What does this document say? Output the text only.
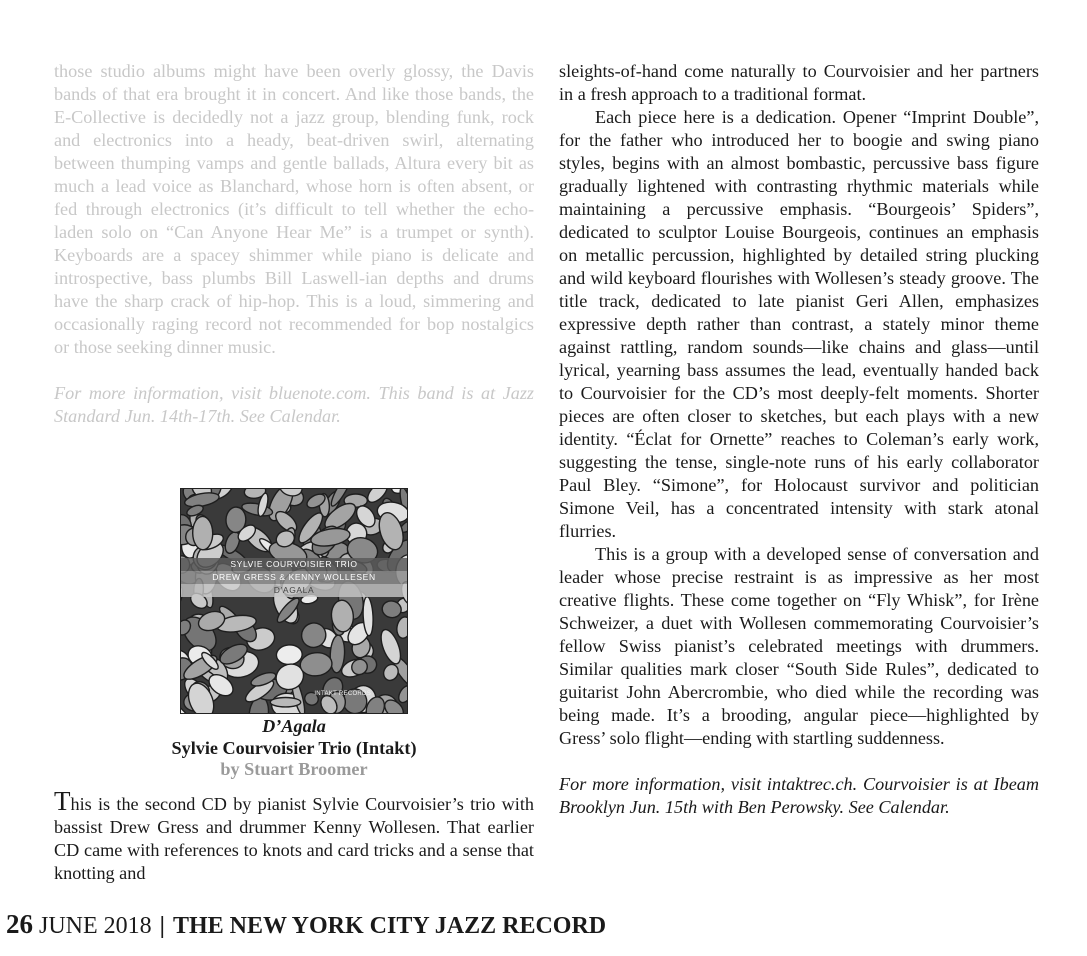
those studio albums might have been overly glossy, the Davis bands of that era brought it in concert. And like those bands, the E-Collective is decidedly not a jazz group, blending funk, rock and electronics into a heady, beat-driven swirl, alternating between thumping vamps and gentle ballads, Altura every bit as much a lead voice as Blanchard, whose horn is often absent, or fed through electronics (it’s difficult to tell whether the echo-laden solo on “Can Anyone Hear Me” is a trumpet or synth). Keyboards are a spacey shimmer while piano is delicate and introspective, bass plumbs Bill Laswell-ian depths and drums have the sharp crack of hip-hop. This is a loud, simmering and occasionally raging record not recommended for bop nostalgics or those seeking dinner music.

For more information, visit bluenote.com. This band is at Jazz Standard Jun. 14th-17th. See Calendar.

SYLVIE COURVOISIER TRIO
DREW GRESS & KENNY WOLLESEN
D’AGALA
INTAKT RECORDS
D’Agala
Sylvie Courvoisier Trio (Intakt)
by Stuart Broomer
This is the second CD by pianist Sylvie Courvoisier’s trio with bassist Drew Gress and drummer Kenny Wollesen. That earlier CD came with references to knots and card tricks and a sense that knotting and

sleights-of-hand come naturally to Courvoisier and her partners in a fresh approach to a traditional format.

Each piece here is a dedication. Opener “Imprint Double”, for the father who introduced her to boogie and swing piano styles, begins with an almost bombastic, percussive bass figure gradually lightened with contrasting rhythmic materials while maintaining a percussive emphasis. “Bourgeois’ Spiders”, dedicated to sculptor Louise Bourgeois, continues an emphasis on metallic percussion, highlighted by detailed string plucking and wild keyboard flourishes with Wollesen’s steady groove. The title track, dedicated to late pianist Geri Allen, emphasizes expressive depth rather than contrast, a stately minor theme against rattling, random sounds—like chains and glass—until lyrical, yearning bass assumes the lead, eventually handed back to Courvoisier for the CD’s most deeply-felt moments. Shorter pieces are often closer to sketches, but each plays with a new identity. “Éclat for Ornette” reaches to Coleman’s early work, suggesting the tense, single-note runs of his early collaborator Paul Bley. “Simone”, for Holocaust survivor and politician Simone Veil, has a concentrated intensity with stark atonal flurries.

This is a group with a developed sense of conversation and leader whose precise restraint is as impressive as her most creative flights. These come together on “Fly Whisk”, for Irène Schweizer, a duet with Wollesen commemorating Courvoisier’s fellow Swiss pianist’s celebrated meetings with drummers. Similar qualities mark closer “South Side Rules”, dedicated to guitarist John Abercrombie, who died while the recording was being made. It’s a brooding, angular piece—highlighted by Gress’ solo flight—ending with startling suddenness.

For more information, visit intaktrec.ch. Courvoisier is at Ibeam Brooklyn Jun. 15th with Ben Perowsky. See Calendar.

26 JUNE 2018 | THE NEW YORK CITY JAZZ RECORD
